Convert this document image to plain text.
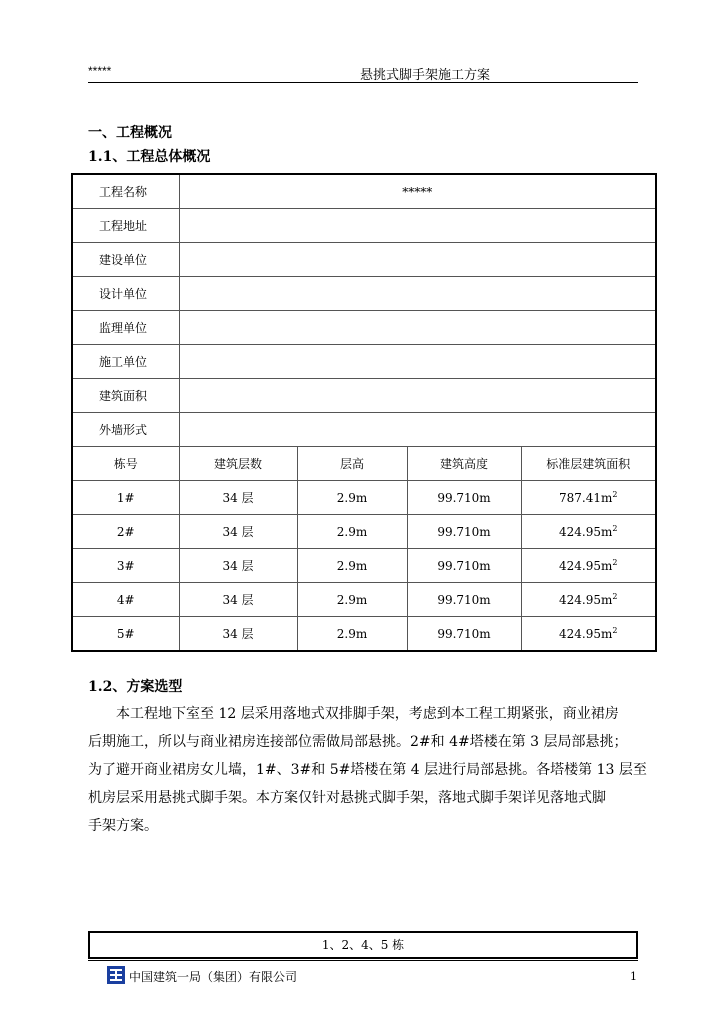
*****	悬挑式脚手架施工方案
一、工程概况
1.1、工程总体概况
工程名称	*****			
工程地址				
建设单位				
设计单位				
监理单位				
施工单位				
建筑面积				
外墙形式				
栋号	建筑层数	层高	建筑高度	标准层建筑面积
1#	34 层	2.9m	99.710m	$787.41m^2$
2#	34 层	2.9m	99.710m	$424.95m^2$
3#	34 层	2.9m	99.710m	$424.95m^2$
4#	34 层	2.9m	99.710m	$424.95m^2$
5#	34 层	2.9m	99.710m	$424.95m^2$
1.2、方案选型
本工程地下室至 12 层采用落地式双排脚手架，考虑到本工程工期紧张，商业裙房
后期施工，所以与商业裙房连接部位需做局部悬挑。2#和 4#塔楼在第 3 层局部悬挑；
为了避开商业裙房女儿墙，1#、3#和 5#塔楼在第 4 层进行局部悬挑。各塔楼第 13 层至
机房层采用悬挑式脚手架。本方案仅针对悬挑式脚手架，落地式脚手架详见落地式脚
手架方案。
1、2、4、5 栋
中国建筑一局（集团）有限公司	1
